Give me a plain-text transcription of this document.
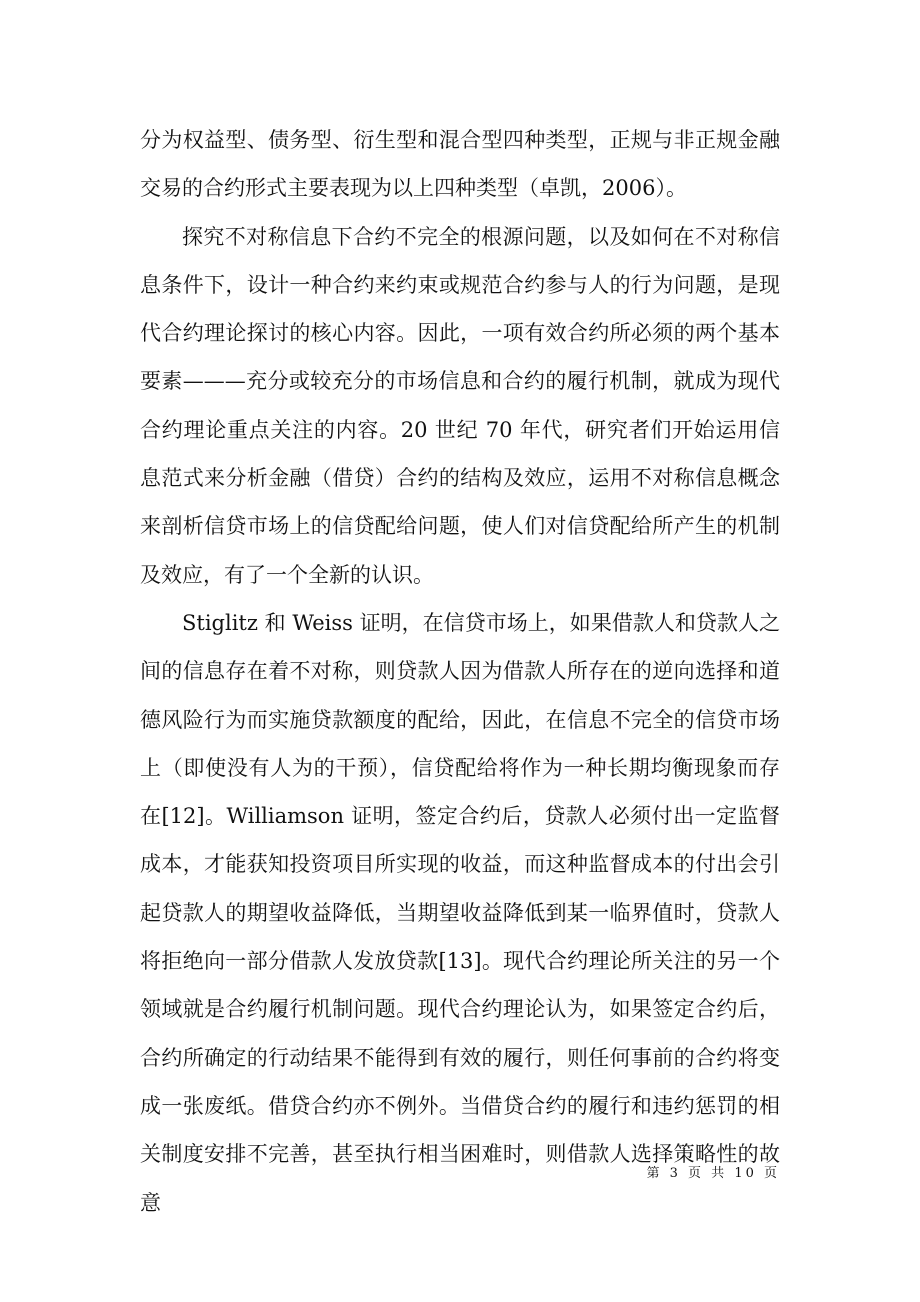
分为权益型、债务型、衍生型和混合型四种类型，正规与非正规金融交易的合约形式主要表现为以上四种类型（卓凯，2006）。

探究不对称信息下合约不完全的根源问题，以及如何在不对称信息条件下，设计一种合约来约束或规范合约参与人的行为问题，是现代合约理论探讨的核心内容。因此，一项有效合约所必须的两个基本要素———充分或较充分的市场信息和合约的履行机制，就成为现代合约理论重点关注的内容。20 世纪 70 年代，研究者们开始运用信息范式来分析金融（借贷）合约的结构及效应，运用不对称信息概念来剖析信贷市场上的信贷配给问题，使人们对信贷配给所产生的机制及效应，有了一个全新的认识。

Stiglitz 和 Weiss 证明，在信贷市场上，如果借款人和贷款人之间的信息存在着不对称，则贷款人因为借款人所存在的逆向选择和道德风险行为而实施贷款额度的配给，因此，在信息不完全的信贷市场上（即使没有人为的干预），信贷配给将作为一种长期均衡现象而存在[12]。Williamson 证明，签定合约后，贷款人必须付出一定监督成本，才能获知投资项目所实现的收益，而这种监督成本的付出会引起贷款人的期望收益降低，当期望收益降低到某一临界值时，贷款人将拒绝向一部分借款人发放贷款[13]。现代合约理论所关注的另一个领域就是合约履行机制问题。现代合约理论认为，如果签定合约后，合约所确定的行动结果不能得到有效的履行，则任何事前的合约将变成一张废纸。借贷合约亦不例外。当借贷合约的履行和违约惩罚的相关制度安排不完善，甚至执行相当困难时，则借款人选择策略性的故意

第 3 页 共 10 页
